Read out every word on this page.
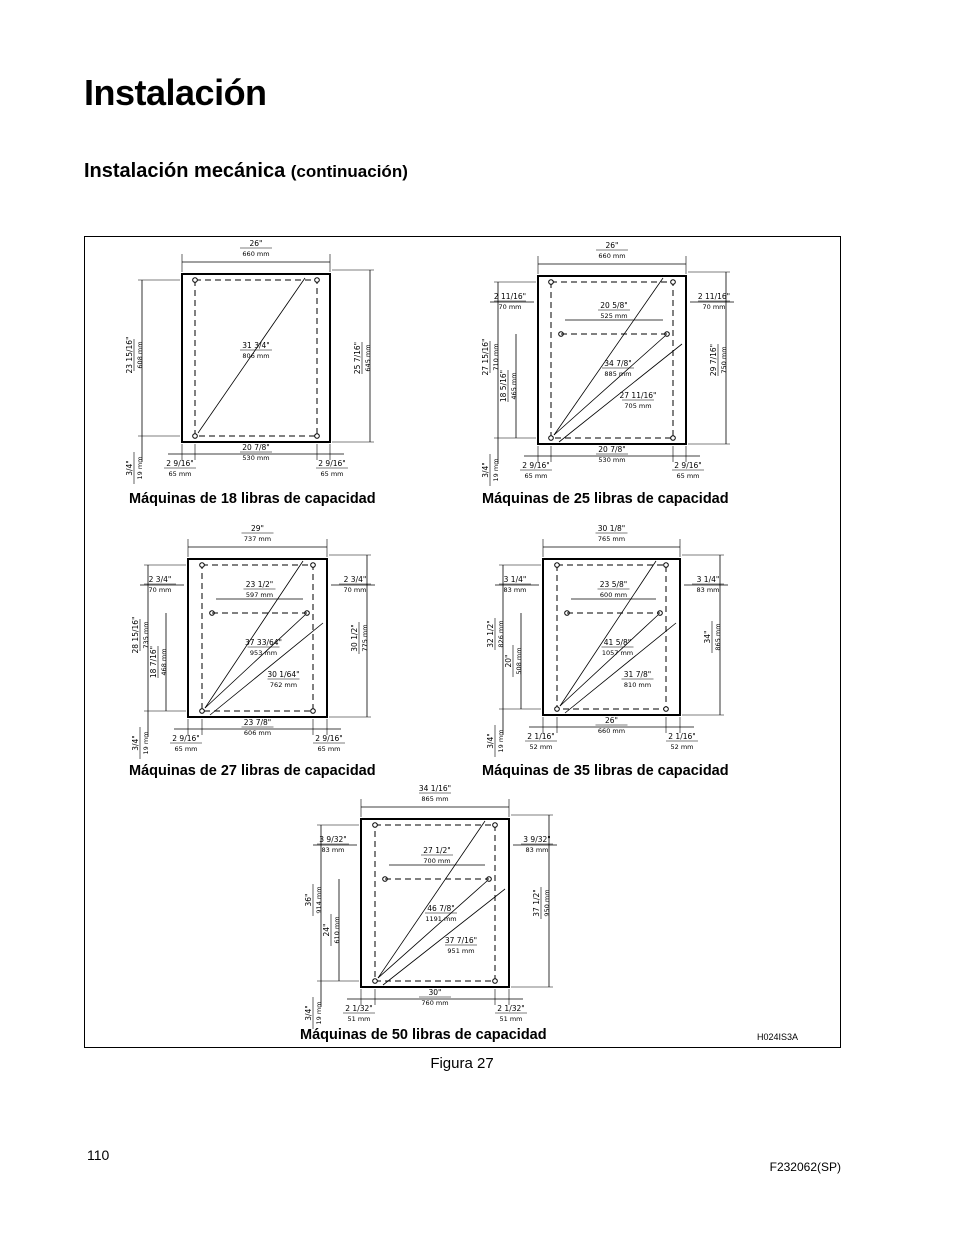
Instalación
Instalación mecánica (continuación)
26"
660 mm
23 15/16" 608 mm	25 7/16" 645 mm
3/4" 19 mm
20 7/8"
530 mm
2 9/16"
65 mm
2 9/16"
65 mm
31 3/4"
806 mm
26"
660 mm
27 15/16" 710 mm	29 7/16" 750 mm
3/4" 19 mm
20 7/8"
530 mm
2 9/16"
65 mm
2 9/16"
65 mm
2 11/16"
70 mm
2 11/16"
70 mm
20 5/8"
525 mm
18 5/16" 465 mm
34 7/8"
885 mm
27 11/16"
705 mm
29"
737 mm
28 15/16" 735 mm	30 1/2" 775 mm
3/4" 19 mm
23 7/8"
606 mm
2 9/16"
65 mm
2 9/16"
65 mm
2 3/4"
70 mm
2 3/4"
70 mm
23 1/2"
597 mm
18 7/16" 468 mm
37 33/64"
953 mm
30 1/64"
762 mm
30 1/8"
765 mm
32 1/2" 826 mm	34" 865 mm
3/4" 19 mm
26"
660 mm
2 1/16"
52 mm
2 1/16"
52 mm
3 1/4"
83 mm
3 1/4"
83 mm
23 5/8"
600 mm
20" 508 mm
41 5/8"
1057 mm
31 7/8"
810 mm
34 1/16"
865 mm
36" 914 mm	37 1/2" 950 mm
3/4" 19 mm
30"
760 mm
2 1/32"
51 mm
2 1/32"
51 mm
3 9/32"
83 mm
3 9/32"
83 mm
27 1/2"
700 mm
24" 610 mm
46 7/8"
1191 mm
37 7/16"
951 mm
Máquinas de 18 libras de capacidad	Máquinas de 25 libras de capacidad
Máquinas de 27 libras de capacidad	Máquinas de 35 libras de capacidad
Máquinas de 50 libras de capacidad	H024IS3A
Figura 27
110
F232062(SP)
